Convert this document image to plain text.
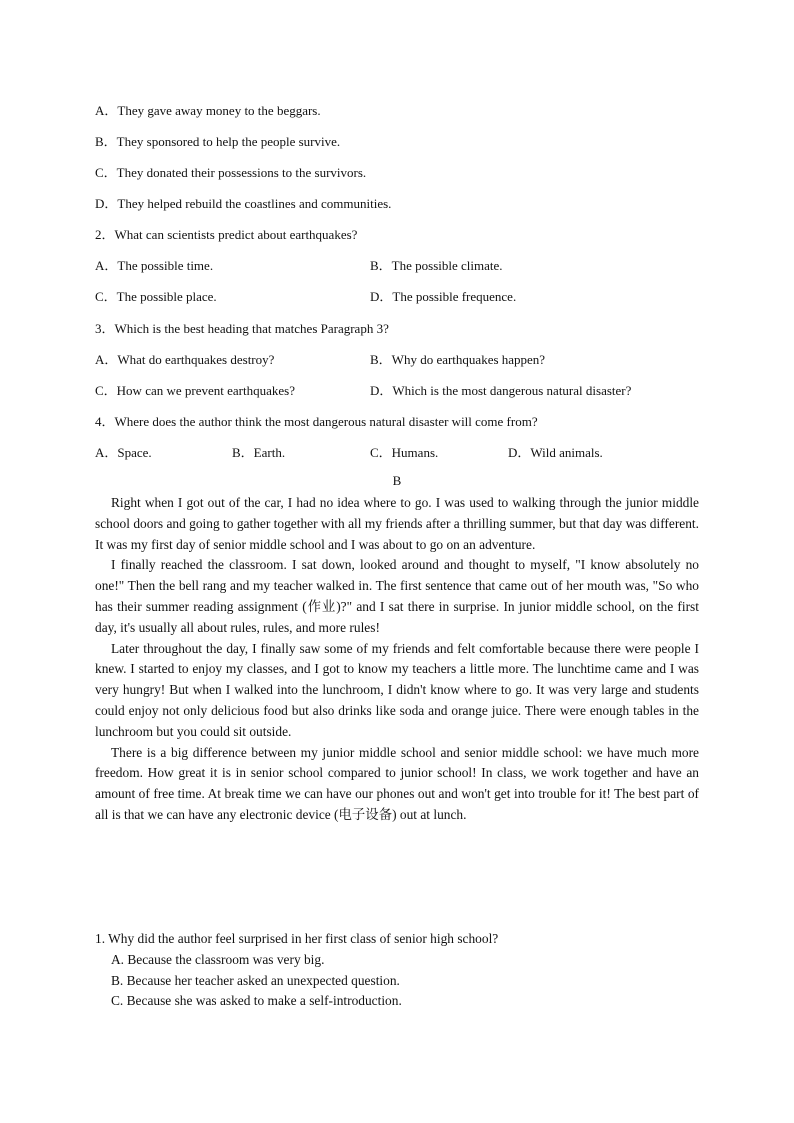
A．They gave away money to the beggars.
B．They sponsored to help the people survive.
C．They donated their possessions to the survivors.
D．They helped rebuild the coastlines and communities.
2．What can scientists predict about earthquakes?
A．The possible time.	B．The possible climate.
C．The possible place.	D．The possible frequence.
3．Which is the best heading that matches Paragraph 3?
A．What do earthquakes destroy?	B．Why do earthquakes happen?
C．How can we prevent earthquakes?	D．Which is the most dangerous natural disaster?
4．Where does the author think the most dangerous natural disaster will come from?
A．Space.	B．Earth.	C．Humans.	D．Wild animals.
B

Right when I got out of the car, I had no idea where to go. I was used to walking through the junior middle school doors and going to gather together with all my friends after a thrilling summer, but that day was different. It was my first day of senior middle school and I was about to go on an adventure.

I finally reached the classroom. I sat down, looked around and thought to myself, "I know absolutely no one!" Then the bell rang and my teacher walked in. The first sentence that came out of her mouth was, "So who has their summer reading assignment (作业)?" and I sat there in surprise. In junior middle school, on the first day, it's usually all about rules, rules, and more rules!

Later throughout the day, I finally saw some of my friends and felt comfortable because there were people I knew. I started to enjoy my classes, and I got to know my teachers a little more. The lunchtime came and I was very hungry! But when I walked into the lunchroom, I didn't know where to go. It was very large and students could enjoy not only delicious food but also drinks like soda and orange juice. There were enough tables in the lunchroom but you could sit outside.

There is a big difference between my junior middle school and senior middle school: we have much more freedom. How great it is in senior school compared to junior school! In class, we work together and have an amount of free time. At break time we can have our phones out and won't get into trouble for it! The best part of all is that we can have any electronic device (电子设备) out at lunch.

1. Why did the author feel surprised in her first class of senior high school?

A. Because the classroom was very big.

B. Because her teacher asked an unexpected question.

C. Because she was asked to make a self-introduction.
